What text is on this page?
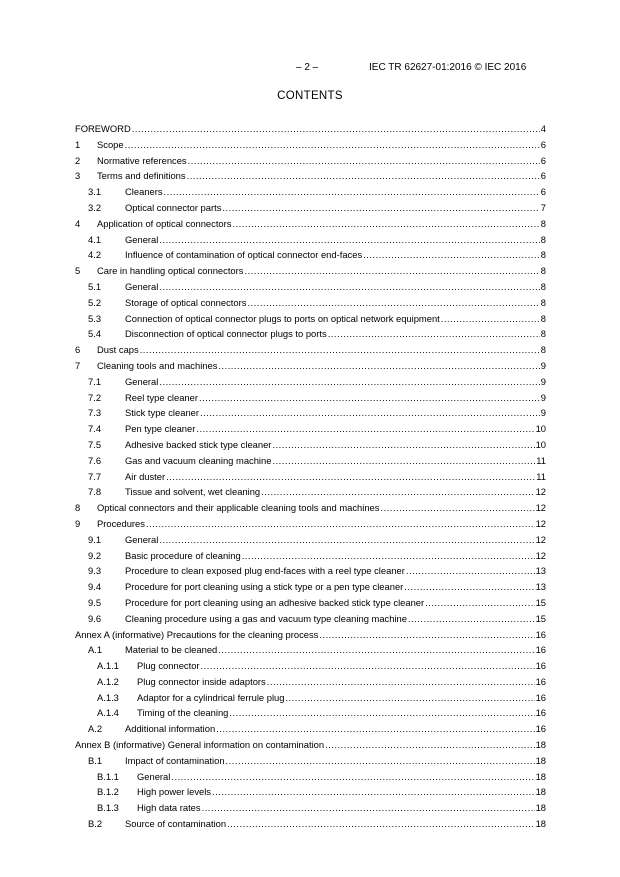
– 2 –	IEC TR 62627-01:2016 © IEC 2016
CONTENTS
FOREWORD .....	4
1	Scope .....	6
2	Normative references .....	6
3	Terms and definitions .....	6
3.1	Cleaners .....	6
3.2	Optical connector parts .....	7
4	Application of optical connectors .....	8
4.1	General .....	8
4.2	Influence of contamination of optical connector end-faces .....	8
5	Care in handling optical connectors .....	8
5.1	General .....	8
5.2	Storage of optical connectors .....	8
5.3	Connection of optical connector plugs to ports on optical network equipment .....	8
5.4	Disconnection of optical connector plugs to ports .....	8
6	Dust caps .....	8
7	Cleaning tools and machines .....	9
7.1	General .....	9
7.2	Reel type cleaner .....	9
7.3	Stick type cleaner .....	9
7.4	Pen type cleaner .....	10
7.5	Adhesive backed stick type cleaner .....	10
7.6	Gas and vacuum cleaning machine .....	11
7.7	Air duster .....	11
7.8	Tissue and solvent, wet cleaning .....	12
8	Optical connectors and their applicable cleaning tools and machines .....	12
9	Procedures .....	12
9.1	General .....	12
9.2	Basic procedure of cleaning .....	12
9.3	Procedure to clean exposed plug end-faces with a reel type cleaner .....	13
9.4	Procedure for port cleaning using a stick type or a pen type cleaner .....	13
9.5	Procedure for port cleaning using an adhesive backed stick type cleaner .....	15
9.6	Cleaning procedure using a gas and vacuum type cleaning machine .....	15
Annex A (informative) Precautions for the cleaning process .....	16
A.1	Material to be cleaned .....	16
A.1.1	Plug connector .....	16
A.1.2	Plug connector inside adaptors .....	16
A.1.3	Adaptor for a cylindrical ferrule plug .....	16
A.1.4	Timing of the cleaning .....	16
A.2	Additional information .....	16
Annex B (informative) General information on contamination .....	18
B.1	Impact of contamination .....	18
B.1.1	General .....	18
B.1.2	High power levels .....	18
B.1.3	High data rates .....	18
B.2	Source of contamination .....	18
